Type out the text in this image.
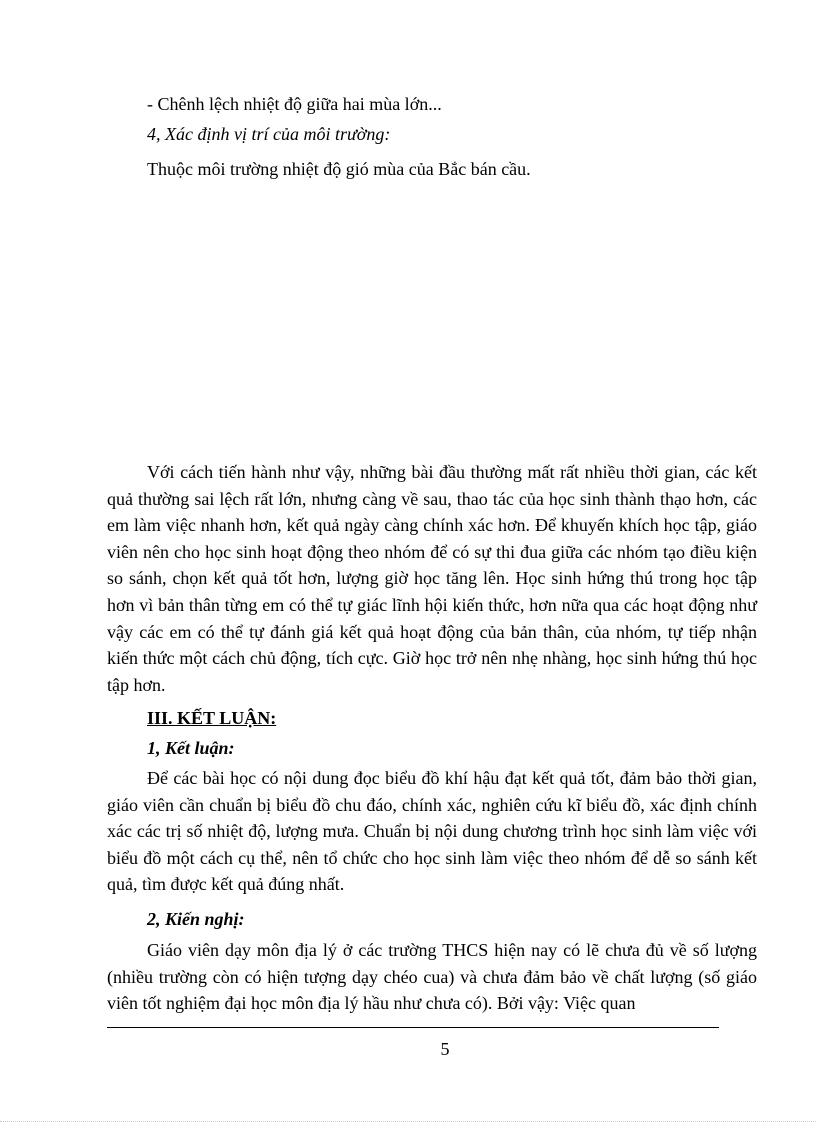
- Chênh lệch nhiệt độ giữa hai mùa lớn...
4, Xác định vị trí của môi trường:
Thuộc môi trường nhiệt độ gió mùa của Bắc bán cầu.

Với cách tiến hành như vậy, những bài đầu thường mất rất nhiều thời gian, các kết quả thường sai lệch rất lớn, nhưng càng về sau, thao tác của học sinh thành thạo hơn, các em làm việc nhanh hơn, kết quả ngày càng chính xác hơn. Để khuyến khích học tập, giáo viên nên cho học sinh hoạt động theo nhóm để có sự thi đua giữa các nhóm tạo điều kiện so sánh, chọn kết quả tốt hơn, lượng giờ học tăng lên. Học sinh hứng thú trong học tập hơn vì bản thân từng em có thể tự giác lĩnh hội kiến thức, hơn nữa qua các hoạt động như vậy các em có thể tự đánh giá kết quả hoạt động của bản thân, của nhóm, tự tiếp nhận kiến thức một cách chủ động, tích cực. Giờ học trở nên nhẹ nhàng, học sinh hứng thú học tập hơn.

III. KẾT LUẬN:
1, Kết luận:

Để các bài học có nội dung đọc biểu đồ khí hậu đạt kết quả tốt, đảm bảo thời gian, giáo viên cần chuẩn bị biểu đồ chu đáo, chính xác, nghiên cứu kĩ biểu đồ, xác định chính xác các trị số nhiệt độ, lượng mưa. Chuẩn bị nội dung chương trình học sinh làm việc với biểu đồ một cách cụ thể, nên tổ chức cho học sinh làm việc theo nhóm để dễ so sánh kết quả, tìm được kết quả đúng nhất.

2, Kiến nghị:

Giáo viên dạy môn địa lý ở các trường THCS hiện nay có lẽ chưa đủ về số lượng (nhiều trường còn có hiện tượng dạy chéo cua) và chưa đảm bảo về chất lượng (số giáo viên tốt nghiệm đại học môn địa lý hầu như chưa có). Bởi vậy: Việc quan

5
